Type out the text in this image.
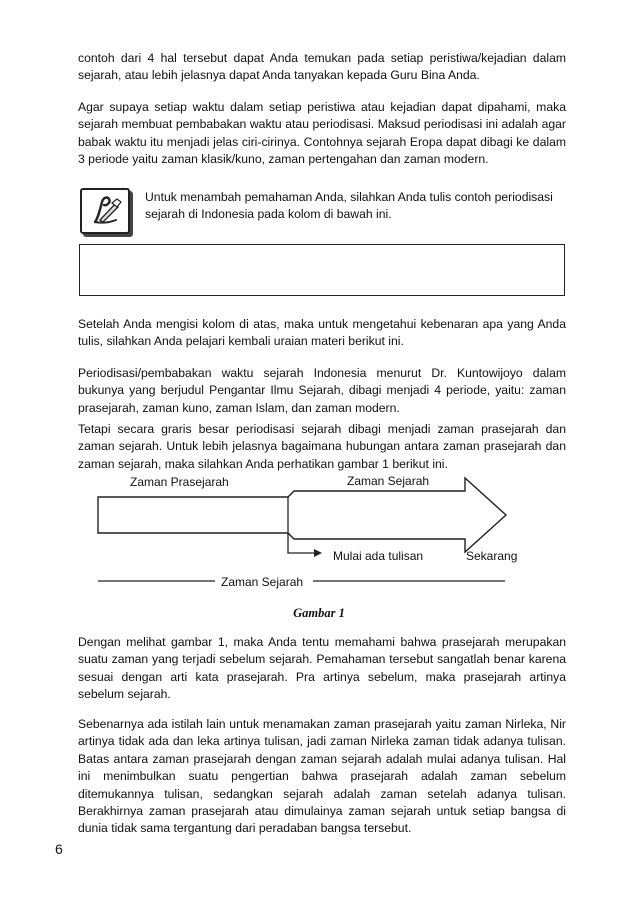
contoh dari 4 hal tersebut dapat Anda temukan pada setiap peristiwa/kejadian dalam sejarah, atau lebih jelasnya dapat Anda tanyakan kepada Guru Bina Anda.

Agar supaya setiap waktu dalam setiap peristiwa atau kejadian dapat dipahami, maka sejarah membuat pembabakan waktu atau periodisasi. Maksud periodisasi ini adalah agar babak waktu itu menjadi jelas ciri-cirinya. Contohnya sejarah Eropa dapat dibagi ke dalam 3 periode yaitu zaman klasik/kuno, zaman pertengahan dan zaman modern.

Untuk menambah pemahaman Anda, silahkan Anda tulis contoh periodisasi sejarah di Indonesia pada kolom di bawah ini.

Setelah Anda mengisi kolom di atas, maka untuk mengetahui kebenaran apa yang Anda tulis, silahkan Anda pelajari kembali uraian materi berikut ini.

Periodisasi/pembabakan waktu sejarah Indonesia menurut Dr. Kuntowijoyo dalam bukunya yang berjudul Pengantar Ilmu Sejarah, dibagi menjadi 4 periode, yaitu: zaman prasejarah, zaman kuno, zaman Islam, dan zaman modern.

Tetapi secara graris besar periodisasi sejarah dibagi menjadi zaman prasejarah dan zaman sejarah. Untuk lebih jelasnya bagaimana hubungan antara zaman prasejarah dan zaman sejarah, maka silahkan Anda perhatikan gambar 1 berikut ini.

Zaman Prasejarah	Zaman Sejarah
Mulai ada tulisan	Sekarang
Zaman Sejarah
Gambar 1

Dengan melihat gambar 1, maka Anda tentu memahami bahwa prasejarah merupakan suatu zaman yang terjadi sebelum sejarah. Pemahaman tersebut sangatlah benar karena sesuai dengan arti kata prasejarah. Pra artinya sebelum, maka prasejarah artinya sebelum sejarah.

Sebenarnya ada istilah lain untuk menamakan zaman prasejarah yaitu zaman Nirleka, Nir artinya tidak ada dan leka artinya tulisan, jadi zaman Nirleka zaman tidak adanya tulisan. Batas antara zaman prasejarah dengan zaman sejarah adalah mulai adanya tulisan. Hal ini menimbulkan suatu pengertian bahwa prasejarah adalah zaman sebelum ditemukannya tulisan, sedangkan sejarah adalah zaman setelah adanya tulisan. Berakhirnya zaman prasejarah atau dimulainya zaman sejarah untuk setiap bangsa di dunia tidak sama tergantung dari peradaban bangsa tersebut.

6
